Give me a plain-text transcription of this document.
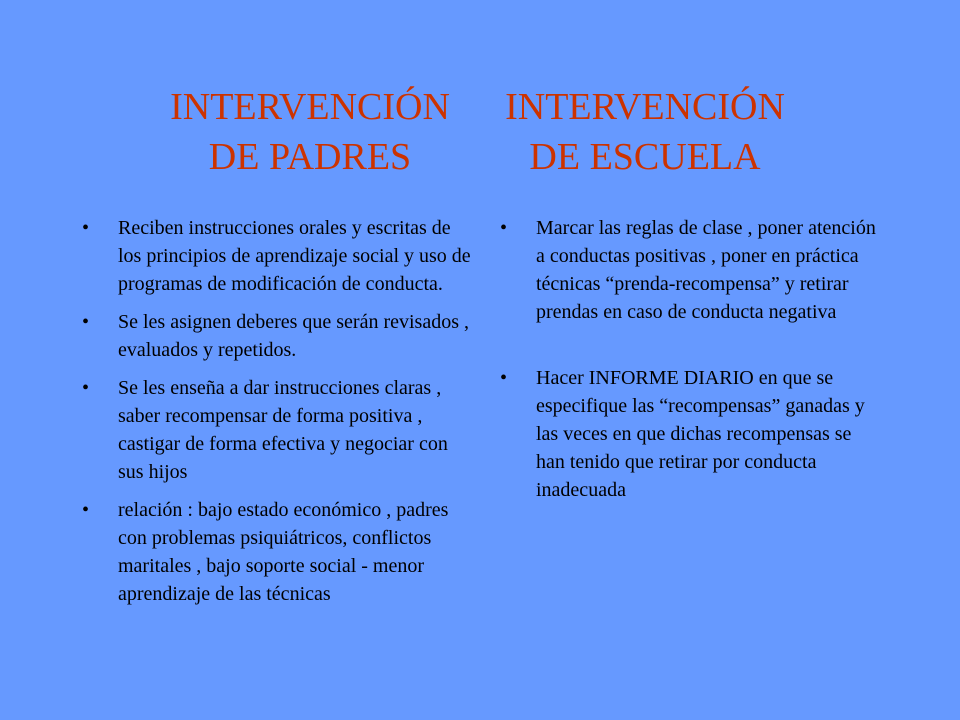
INTERVENCIÓN
DE PADRES
INTERVENCIÓN
DE ESCUELA
• Reciben instrucciones orales y escritas de los principios de aprendizaje social y uso de programas de modificación de conducta.
• Se les asignen deberes que serán revisados , evaluados y repetidos.
• Se les enseña a dar instrucciones claras , saber recompensar de forma positiva , castigar de forma efectiva y negociar con sus hijos
• relación : bajo estado económico , padres con problemas psiquiátricos, conflictos maritales , bajo soporte social - menor aprendizaje de las técnicas
• Marcar las reglas de clase , poner atención a conductas positivas , poner en práctica técnicas “prenda-recompensa” y retirar prendas en caso de conducta negativa
• Hacer INFORME DIARIO en que se especifique las “recompensas” ganadas y las veces en que dichas recompensas se han tenido que retirar por conducta inadecuada
